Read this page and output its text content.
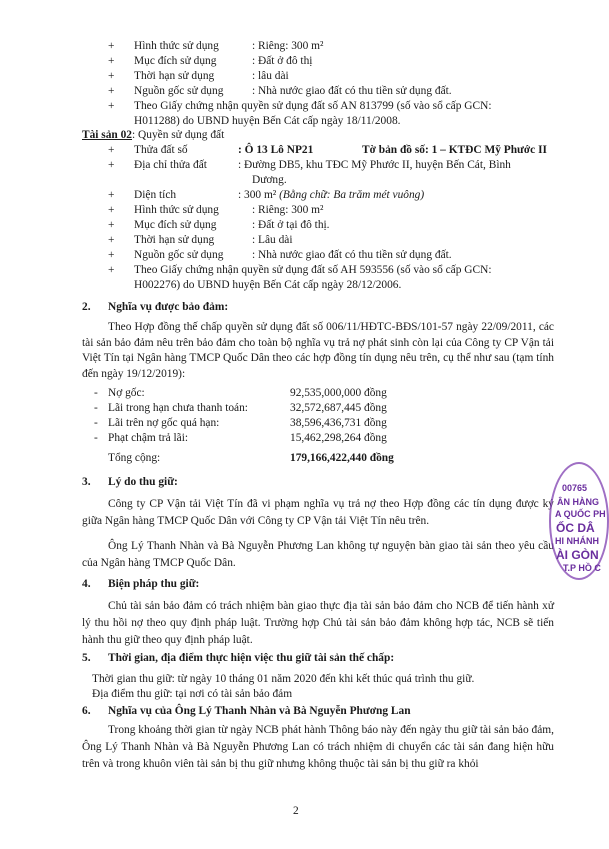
+ Hình thức sử dụng	: Riêng: 300 m²
+ Mục đích sử dụng	: Đất ở đô thị
+ Thời hạn sử dụng	: lâu dài
+ Nguồn gốc sử dụng	: Nhà nước giao đất có thu tiền sử dụng đất.
+ Theo Giấy chứng nhận quyền sử dụng đất số AN 813799 (số vào sổ cấp GCN:
H011288) do UBND huyện Bến Cát cấp ngày 18/11/2008.
Tài sản 02: Quyền sử dụng đất
+ Thửa đất số	: Ô 13 Lô NP21	Tờ bản đồ số: 1 – KTĐC Mỹ Phước II
+ Địa chỉ thửa đất	: Đường DB5, khu TĐC Mỹ Phước II, huyện Bến Cát, Bình
Dương.
+ Diện tích	: 300 m² (Bằng chữ: Ba trăm mét vuông)
+ Hình thức sử dụng	: Riêng: 300 m²
+ Mục đích sử dụng	: Đất ở tại đô thị.
+ Thời hạn sử dụng	: Lâu dài
+ Nguồn gốc sử dụng	: Nhà nước giao đất có thu tiền sử dụng đất.
+ Theo Giấy chứng nhận quyền sử dụng đất số AH 593556 (số vào sổ cấp GCN:
H002276) do UBND huyện Bến Cát cấp ngày 28/12/2006.
2. Nghĩa vụ được bảo đảm:
Theo Hợp đồng thế chấp quyền sử dụng đất số 006/11/HĐTC-BĐS/101-57 ngày 22/09/2011, các tài sản bảo đảm nêu trên bảo đảm cho toàn bộ nghĩa vụ trả nợ phát sinh còn lại của Công ty CP Vận tải Việt Tín tại Ngân hàng TMCP Quốc Dân theo các hợp đồng tín dụng nêu trên, cụ thể như sau (tạm tính đến ngày 19/12/2019):
- Nợ gốc:	92,535,000,000 đồng
- Lãi trong hạn chưa thanh toán:	32,572,687,445 đồng
- Lãi trên nợ gốc quá hạn:	38,596,436,731 đồng
- Phạt chậm trả lãi:	15,462,298,264 đồng
Tổng cộng:	179,166,422,440 đồng
3. Lý do thu giữ:
Công ty CP Vận tải Việt Tín đã vi phạm nghĩa vụ trả nợ theo Hợp đồng các tín dụng được ký giữa Ngân hàng TMCP Quốc Dân với Công ty CP Vận tải Việt Tín nêu trên.
Ông Lý Thanh Nhàn và Bà Nguyễn Phương Lan không tự nguyện bàn giao tài sản theo yêu cầu của Ngân hàng TMCP Quốc Dân.
4. Biện pháp thu giữ:
Chủ tài sản bảo đảm có trách nhiệm bàn giao thực địa tài sản bảo đảm cho NCB để tiến hành xử lý thu hồi nợ theo quy định pháp luật. Trường hợp Chủ tài sản bảo đảm không hợp tác, NCB sẽ tiến hành thu giữ theo quy định pháp luật.
5. Thời gian, địa điểm thực hiện việc thu giữ tài sản thế chấp:
Thời gian thu giữ: từ ngày 10 tháng 01 năm 2020 đến khi kết thúc quá trình thu giữ.
Địa điểm thu giữ: tại nơi có tài sản bảo đảm
6. Nghĩa vụ của Ông Lý Thanh Nhàn và Bà Nguyễn Phương Lan
Trong khoảng thời gian từ ngày NCB phát hành Thông báo này đến ngày thu giữ tài sản bảo đảm, Ông Lý Thanh Nhàn và Bà Nguyễn Phương Lan có trách nhiệm di chuyển các tài sản đang hiện hữu trên và trong khuôn viên tài sản bị thu giữ nhưng không thuộc tài sản bị thu giữ ra khỏi
2
00765
ÂN HÀNG
A QUỐC PH
ỐC DÂ
HI NHÁNH
ÀI GÒN
T.P HỒ C
